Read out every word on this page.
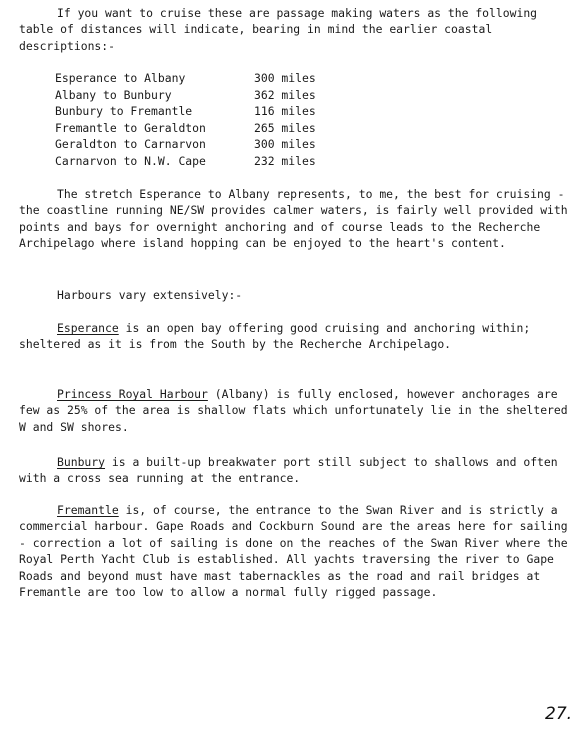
If you want to cruise these are passage making waters as the following table of distances will indicate, bearing in mind the earlier coastal descriptions:-

Esperance to Albany	300 miles
Albany to Bunbury	362 miles
Bunbury to Fremantle	116 miles
Fremantle to Geraldton	265 miles
Geraldton to Carnarvon	300 miles
Carnarvon to N.W. Cape	232 miles

The stretch Esperance to Albany represents, to me, the best for cruising - the coastline running NE/SW provides calmer waters, is fairly well provided with points and bays for overnight anchoring and of course leads to the Recherche Archipelago where island hopping can be enjoyed to the heart's content.

Harbours vary extensively:-

Esperance is an open bay offering good cruising and anchoring within; sheltered as it is from the South by the Recherche Archipelago.

Princess Royal Harbour (Albany) is fully enclosed, however anchorages are few as 25% of the area is shallow flats which unfortunately lie in the sheltered W and SW shores.

Bunbury is a built-up breakwater port still subject to shallows and often with a cross sea running at the entrance.

Fremantle is, of course, the entrance to the Swan River and is strictly a commercial harbour. Gape Roads and Cockburn Sound are the areas here for sailing - correction a lot of sailing is done on the reaches of the Swan River where the Royal Perth Yacht Club is established. All yachts traversing the river to Gape Roads and beyond must have mast tabernackles as the road and rail bridges at Fremantle are too low to allow a normal fully rigged passage.

27.
